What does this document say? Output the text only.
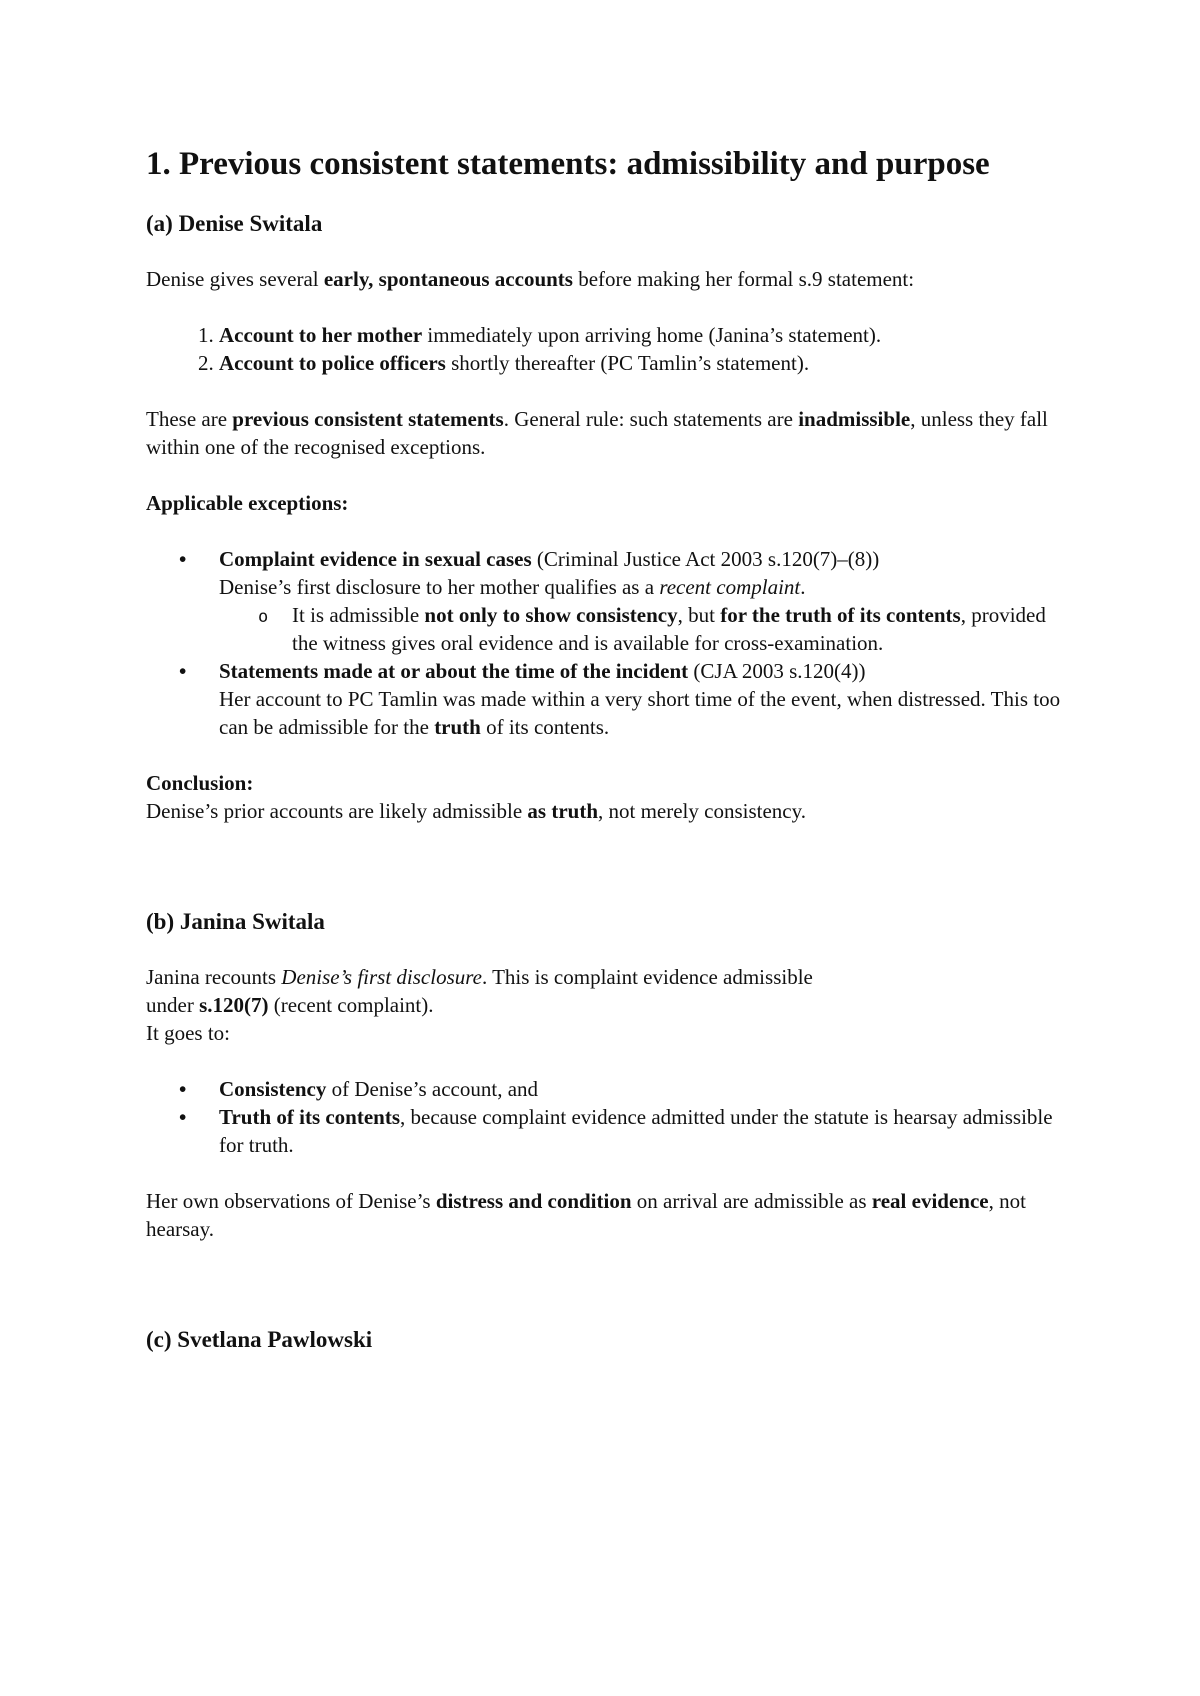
1. Previous consistent statements: admissibility and purpose
(a) Denise Switala

Denise gives several early, spontaneous accounts before making her formal s.9 statement:

1. Account to her mother immediately upon arriving home (Janina’s statement).
2. Account to police officers shortly thereafter (PC Tamlin’s statement).

These are previous consistent statements. General rule: such statements are inadmissible, unless they fall within one of the recognised exceptions.

Applicable exceptions:

• Complaint evidence in sexual cases (Criminal Justice Act 2003 s.120(7)–(8))
Denise’s first disclosure to her mother qualifies as a recent complaint.
o It is admissible not only to show consistency, but for the truth of its contents, provided the witness gives oral evidence and is available for cross-examination.
• Statements made at or about the time of the incident (CJA 2003 s.120(4))
Her account to PC Tamlin was made within a very short time of the event, when distressed. This too can be admissible for the truth of its contents.

Conclusion:
Denise’s prior accounts are likely admissible as truth, not merely consistency.

(b) Janina Switala

Janina recounts Denise’s first disclosure. This is complaint evidence admissible
under s.120(7) (recent complaint).
It goes to:

• Consistency of Denise’s account, and
• Truth of its contents, because complaint evidence admitted under the statute is hearsay admissible for truth.

Her own observations of Denise’s distress and condition on arrival are admissible as real evidence, not hearsay.

(c) Svetlana Pawlowski
